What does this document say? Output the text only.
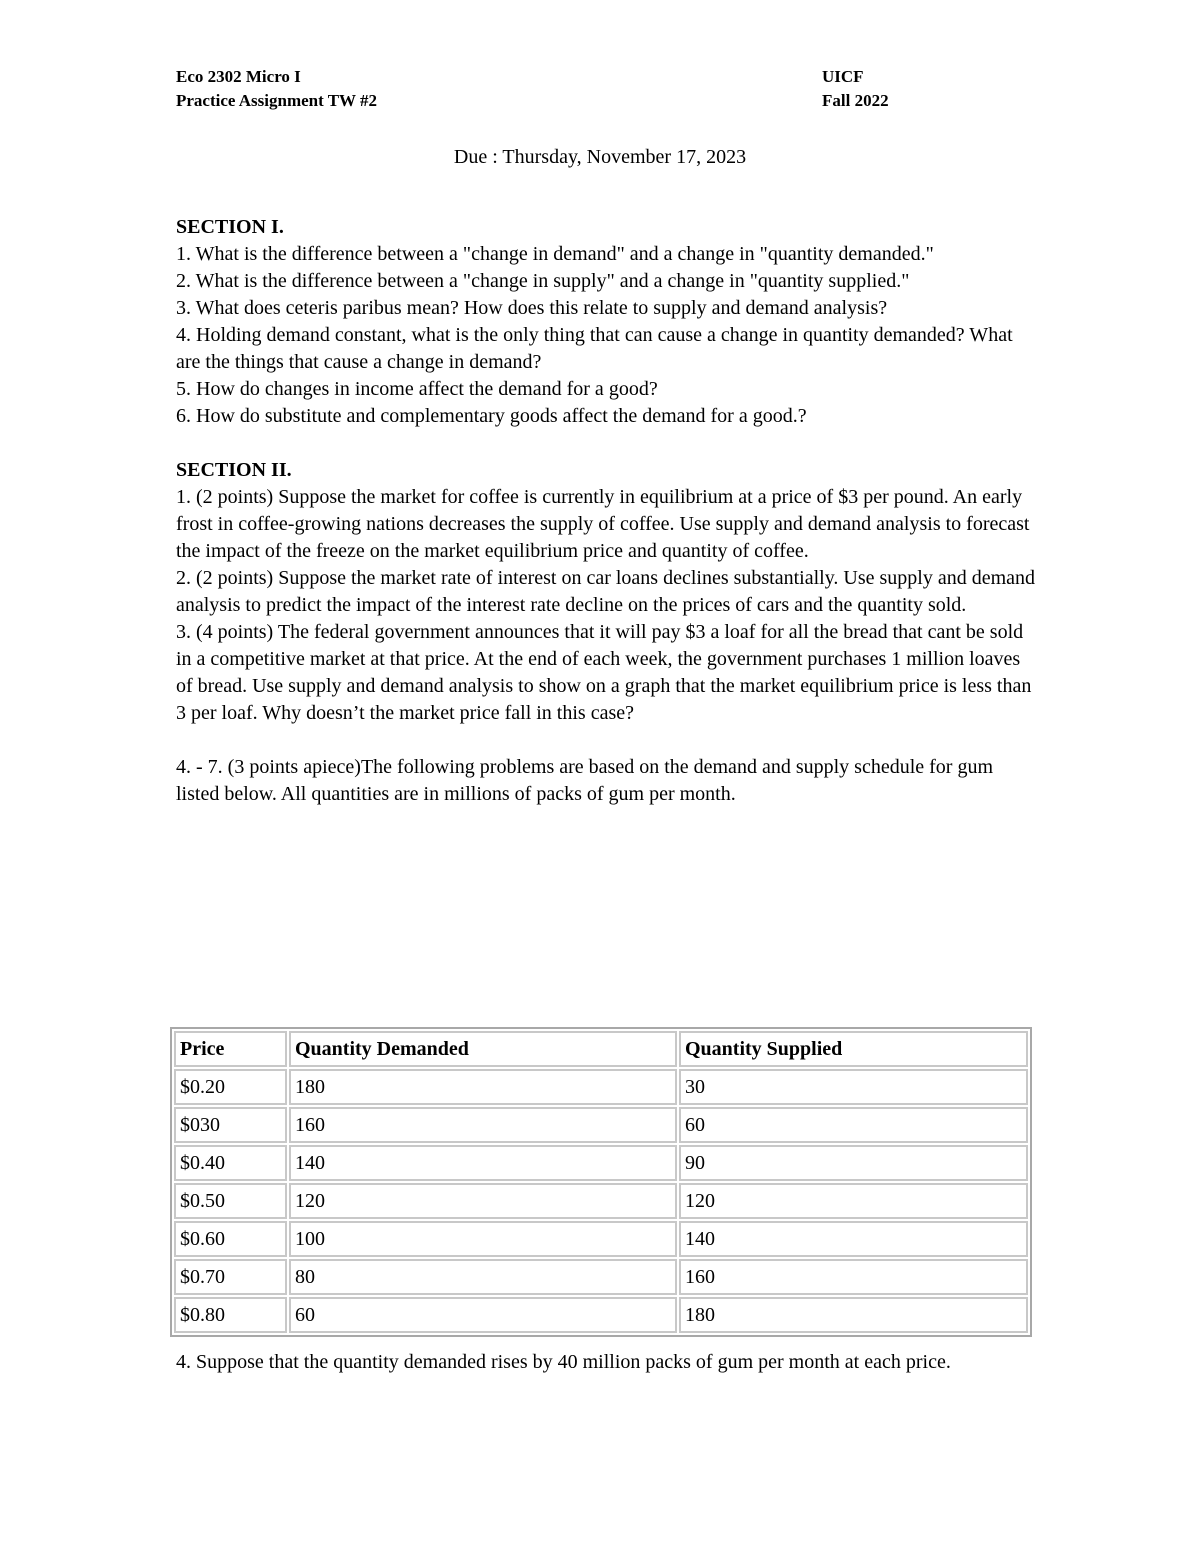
Eco 2302 Micro I
Practice Assignment TW #2
UICF
Fall 2022
Due : Thursday, November 17, 2023
SECTION I.
1. What is the difference between a "change in demand" and a change in "quantity demanded."
2. What is the difference between a "change in supply" and a change in "quantity supplied."
3. What does ceteris paribus mean? How does this relate to supply and demand analysis?
4. Holding demand constant, what is the only thing that can cause a change in quantity demanded? What are the things that cause a change in demand?
5. How do changes in income affect the demand for a good?
6. How do substitute and complementary goods affect the demand for a good.?
SECTION II.
1. (2 points) Suppose the market for coffee is currently in equilibrium at a price of $3 per pound. An early frost in coffee-growing nations decreases the supply of coffee. Use supply and demand analysis to forecast the impact of the freeze on the market equilibrium price and quantity of coffee.
2. (2 points) Suppose the market rate of interest on car loans declines substantially. Use supply and demand analysis to predict the impact of the interest rate decline on the prices of cars and the quantity sold.
3. (4 points) The federal government announces that it will pay $3 a loaf for all the bread that cant be sold in a competitive market at that price. At the end of each week, the government purchases 1 million loaves of bread. Use supply and demand analysis to show on a graph that the market equilibrium price is less than 3 per loaf. Why doesn’t the market price fall in this case?
4. - 7. (3 points apiece)The following problems are based on the demand and supply schedule for gum listed below. All quantities are in millions of packs of gum per month.
Price	Quantity Demanded	Quantity Supplied
$0.20	180	30
$030	160	60
$0.40	140	90
$0.50	120	120
$0.60	100	140
$0.70	80	160
$0.80	60	180
4. Suppose that the quantity demanded rises by 40 million packs of gum per month at each price.
